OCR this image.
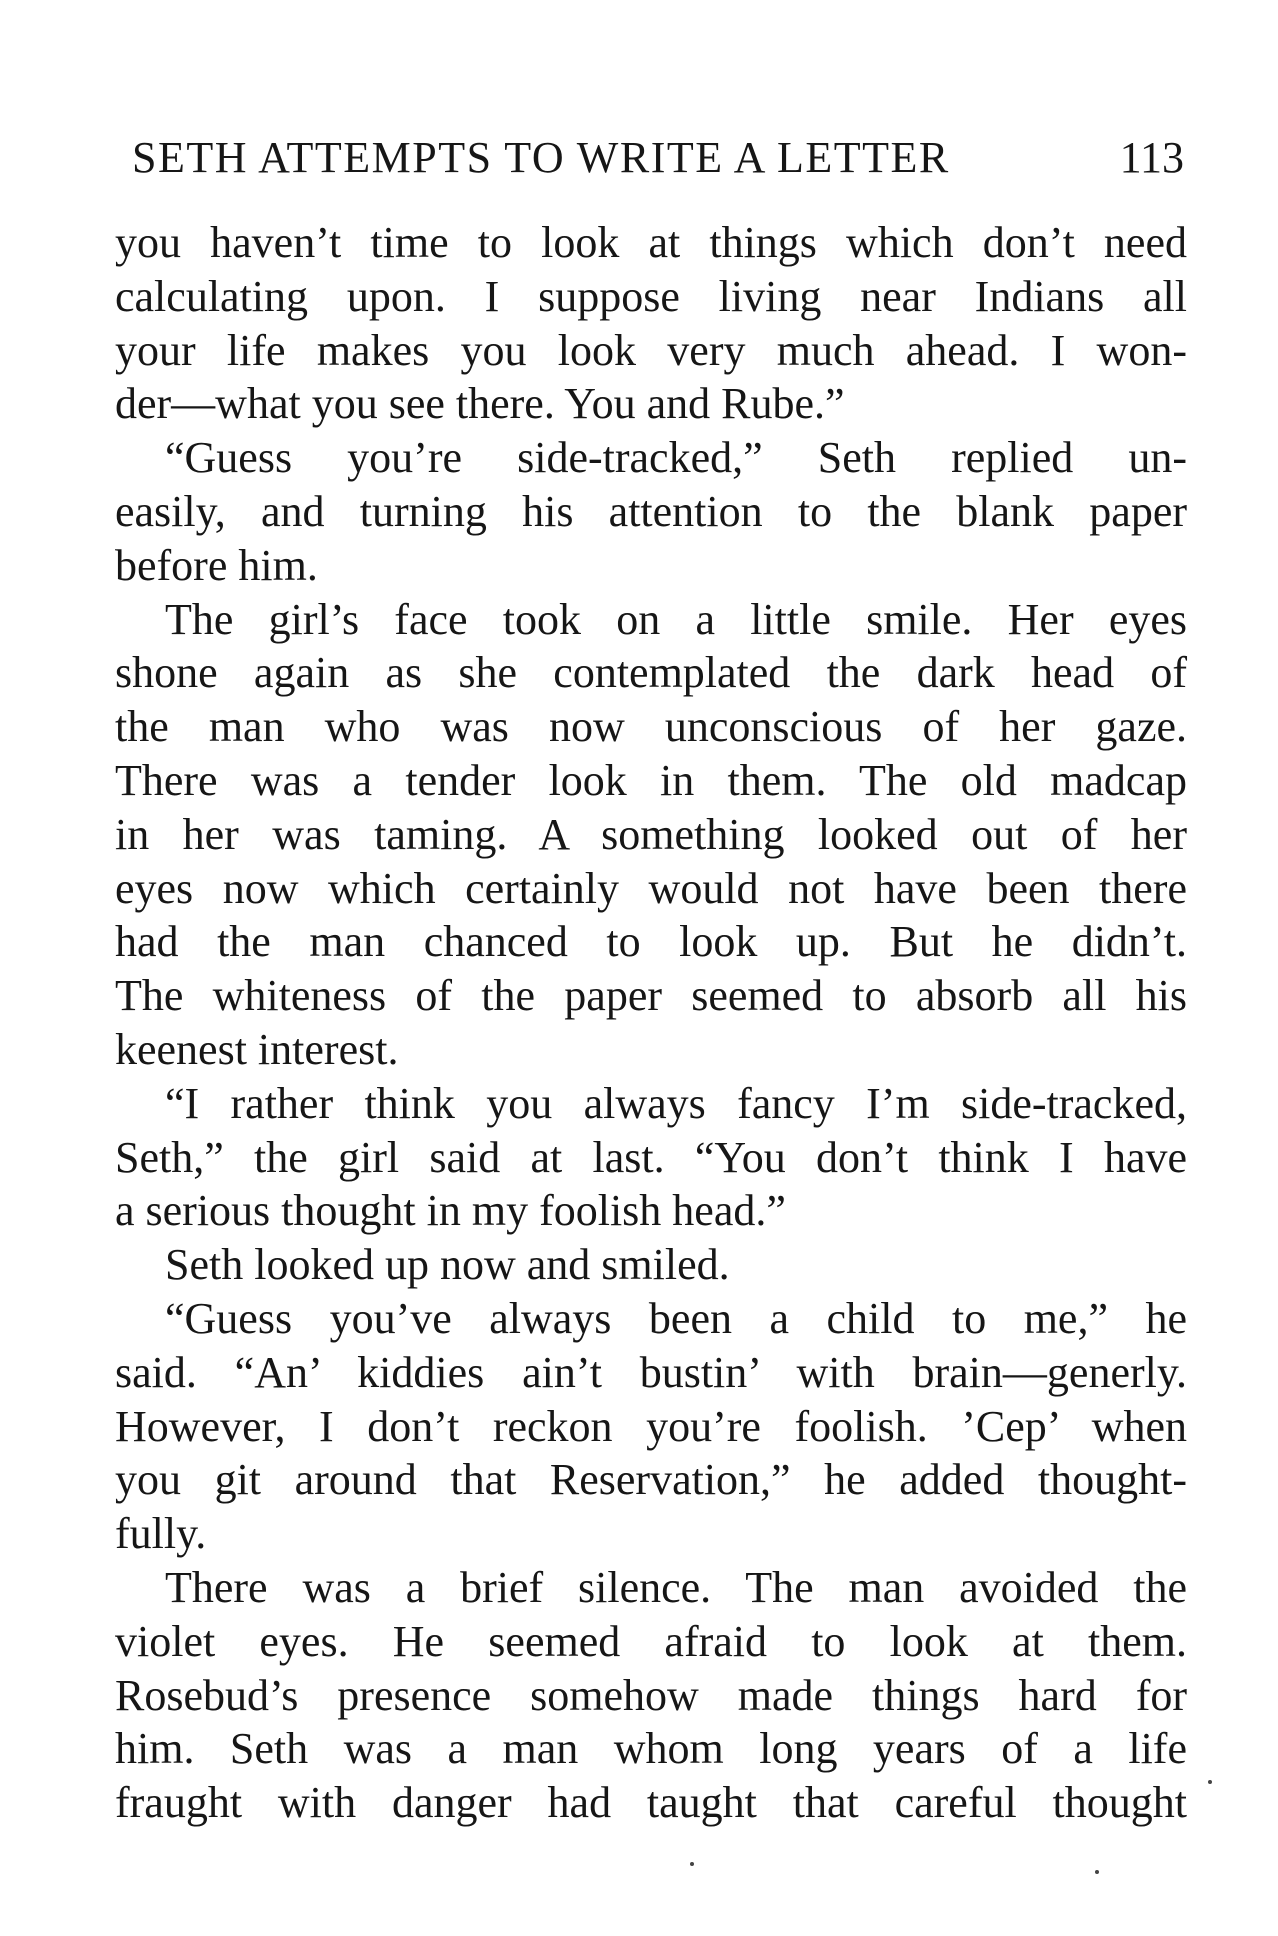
SETH ATTEMPTS TO WRITE A LETTER	113
you haven’t time to look at things which don’t need
calculating upon. I suppose living near Indians all
your life makes you look very much ahead. I won-
der—what you see there. You and Rube.”
“Guess you’re side-tracked,” Seth replied un-
easily, and turning his attention to the blank paper
before him.
The girl’s face took on a little smile. Her eyes
shone again as she contemplated the dark head of
the man who was now unconscious of her gaze.
There was a tender look in them. The old madcap
in her was taming. A something looked out of her
eyes now which certainly would not have been there
had the man chanced to look up. But he didn’t.
The whiteness of the paper seemed to absorb all his
keenest interest.
“I rather think you always fancy I’m side-tracked,
Seth,” the girl said at last. “You don’t think I have
a serious thought in my foolish head.”
Seth looked up now and smiled.
“Guess you’ve always been a child to me,” he
said. “An’ kiddies ain’t bustin’ with brain—generly.
However, I don’t reckon you’re foolish. ’Cep’ when
you git around that Reservation,” he added thought-
fully.
There was a brief silence. The man avoided the
violet eyes. He seemed afraid to look at them.
Rosebud’s presence somehow made things hard for
him. Seth was a man whom long years of a life
fraught with danger had taught that careful thought
